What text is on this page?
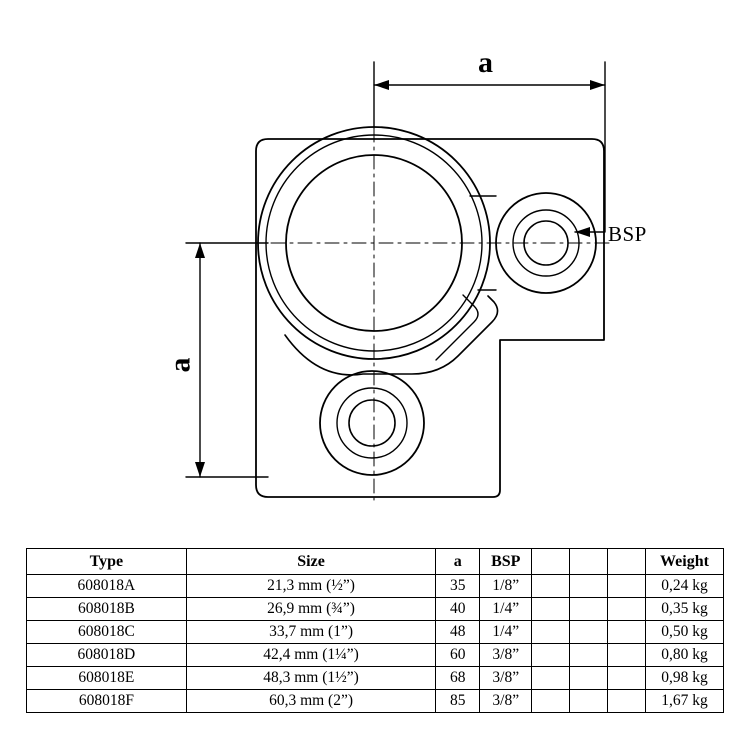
a
a
BSP
Type	Size	a	BSP				Weight
608018A	21,3 mm (½”)	35	1/8”				0,24 kg
608018B	26,9 mm (¾”)	40	1/4”				0,35 kg
608018C	33,7 mm (1”)	48	1/4”				0,50 kg
608018D	42,4 mm (1¼”)	60	3/8”				0,80 kg
608018E	48,3 mm (1½”)	68	3/8”				0,98 kg
608018F	60,3 mm (2”)	85	3/8”				1,67 kg
